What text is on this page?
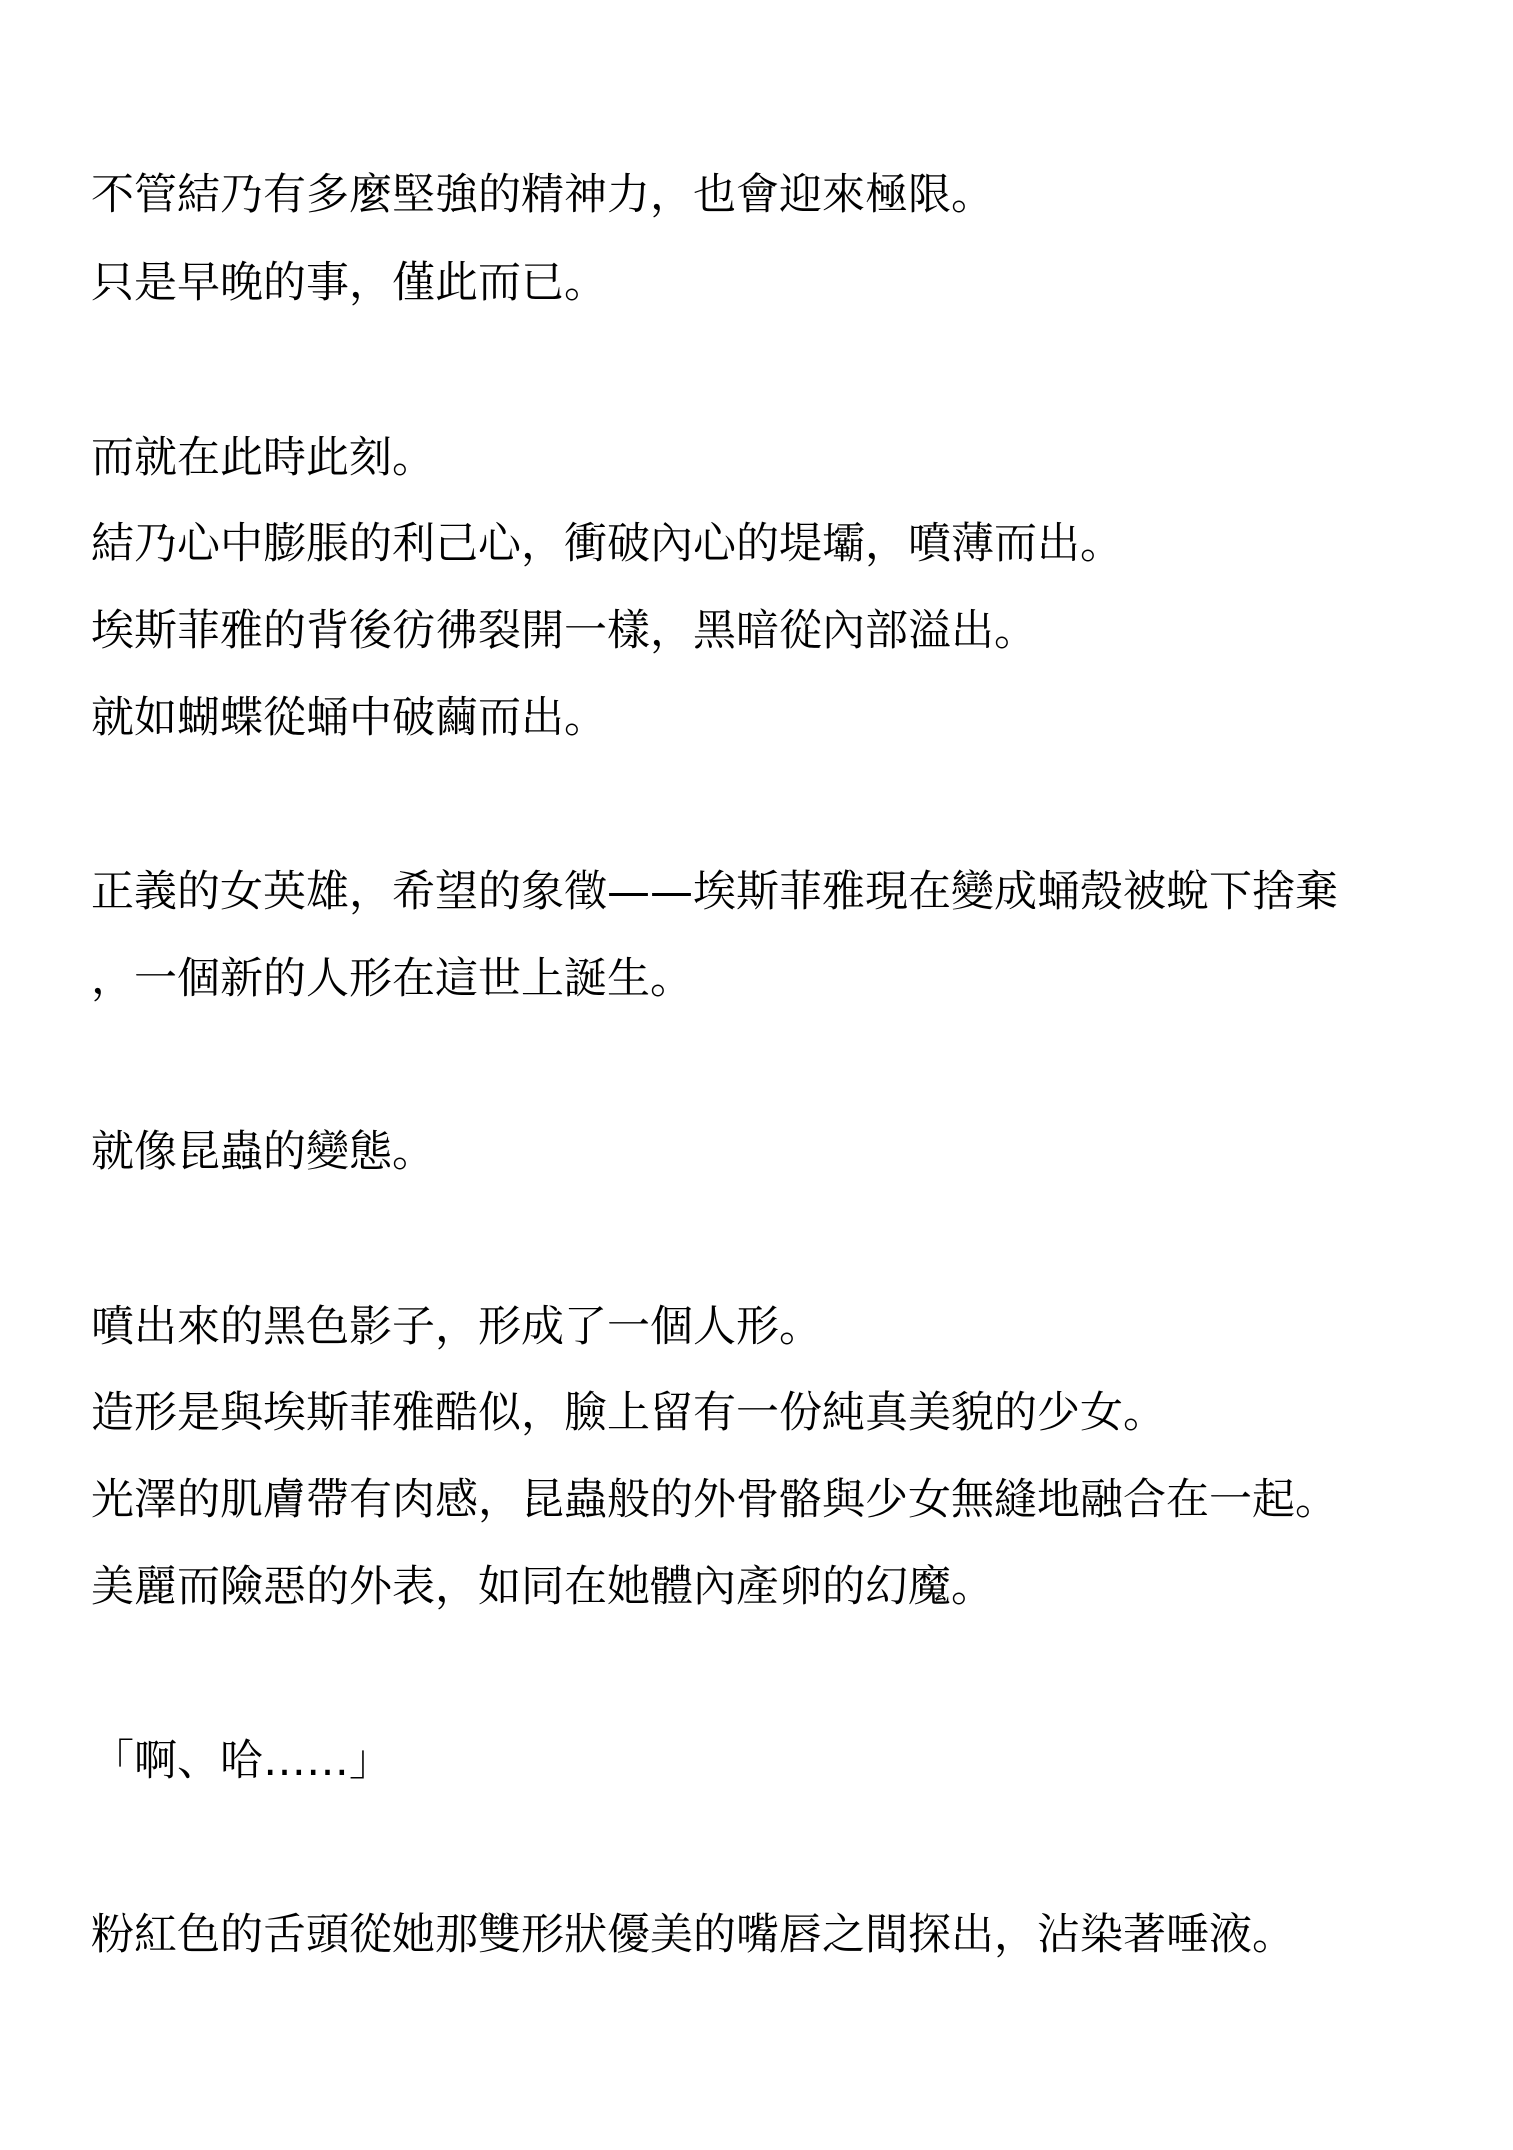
不管結乃有多麼堅強的精神力，也會迎來極限。
只是早晚的事，僅此而已。
而就在此時此刻。
結乃心中膨脹的利己心，衝破內心的堤壩，噴薄而出。
埃斯菲雅的背後彷彿裂開一樣，黑暗從內部溢出。
就如蝴蝶從蛹中破繭而出。
正義的女英雄，希望的象徵——埃斯菲雅現在變成蛹殼被蛻下捨棄
，一個新的人形在這世上誕生。
就像昆蟲的變態。
噴出來的黑色影子，形成了一個人形。
造形是與埃斯菲雅酷似，臉上留有一份純真美貌的少女。
光澤的肌膚帶有肉感，昆蟲般的外骨骼與少女無縫地融合在一起。
美麗而險惡的外表，如同在她體內產卵的幻魔。
「啊、哈……」
粉紅色的舌頭從她那雙形狀優美的嘴唇之間探出，沾染著唾液。
